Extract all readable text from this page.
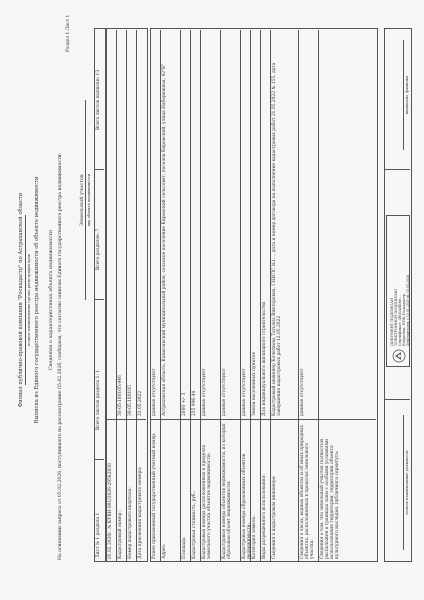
Филиал публично-правовой компании "Роскадастр" по Астраханской области полное наименование органа регистрации прав Выписка из Единого государственного реестра недвижимости об объекте недвижимости Сведения о характеристиках объекта недвижимости На основании запроса от 05.02.2026, поступившего на рассмотрение 05.02.2026, сообщаем, что согласно записям Единого государственного реестра недвижимости:
Раздел 1 Лист 1
Земельный участок вид объекта недвижимости
Лист № 1 раздела 1
Всего листов раздела 1: 1
Всего разделов: 7
Всего листов выписки: 13
05.02.2026г. № КУВИ-001/2026-29562830 Кадастровый номер:
30:05:180105:446
Номер кадастрового квартала:
30:05:180105
Дата присвоения кадастрового номера:
21.05.2022
Ранее присвоенный государственный учетный номер:
данные отсутствуют
Адрес:
Астраханская область, Камызякский муниципальный район, сельское поселение Кировский сельсовет, поселок Кировский, улица Набережная, 42"Б"
Площадь:
2000 +/- 3
Кадастровая стоимость, руб.:
235 996.44
Кадастровые номера расположенных в пределах земельного участка объектов недвижимости:
данные отсутствуют
Кадастровые номера объектов недвижимости, из которых образован объект недвижимости:
данные отсутствуют
Кадастровые номера образованных объектов недвижимости:
данные отсутствуют
Категория земель:
Земли населенных пунктов
Виды разрешенного использования:
Для индивидуального жилищного строительства
Сведения о кадастровом инженере:
Кадастровый инженер Кочеткова Татьяна Викторовна, СНИЛС №1..., дата и номер договора на выполнение кадастровых работ 21.05.2022 № 155, дата завершения кадастровых работ 12.05.2022
Сведения о лесах, водных объектах и об иных природных объектах, расположенных в пределах земельного участка:
данные отсутствуют
Сведения о том, что земельный участок полностью расположен в границах зоны с особыми условиями использования территории, территории объекта культурного наследия, публичного сервитута:	полное наименование должности
ДОКУМЕНТ ПОДПИСАН ЭЛЕКТРОННОЙ ПОДПИСЬЮ Сертификат: 3f0d3a4b8e… Владелец: ППК Роскадастр Действителен: с 10.01.2025 по 10.04.2026
инициалы, фамилия
